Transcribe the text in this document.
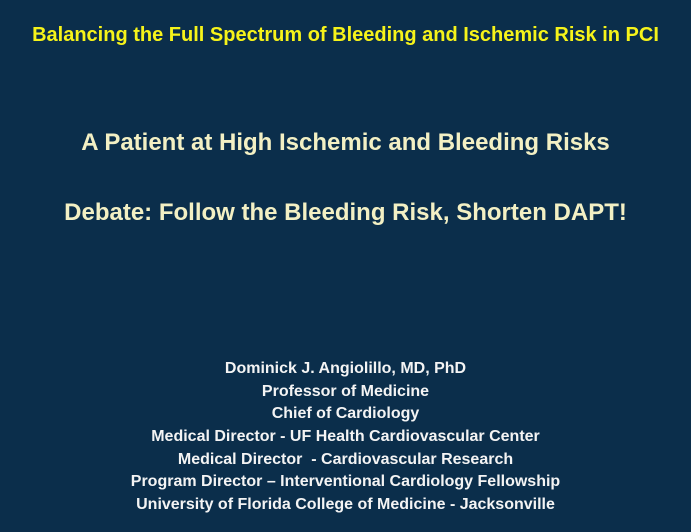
Balancing the Full Spectrum of Bleeding and Ischemic Risk in PCI
A Patient at High Ischemic and Bleeding Risks
Debate: Follow the Bleeding Risk, Shorten DAPT!
Dominick J. Angiolillo, MD, PhD
Professor of Medicine
Chief of Cardiology
Medical Director - UF Health Cardiovascular Center
Medical Director  - Cardiovascular Research
Program Director – Interventional Cardiology Fellowship
University of Florida College of Medicine - Jacksonville
